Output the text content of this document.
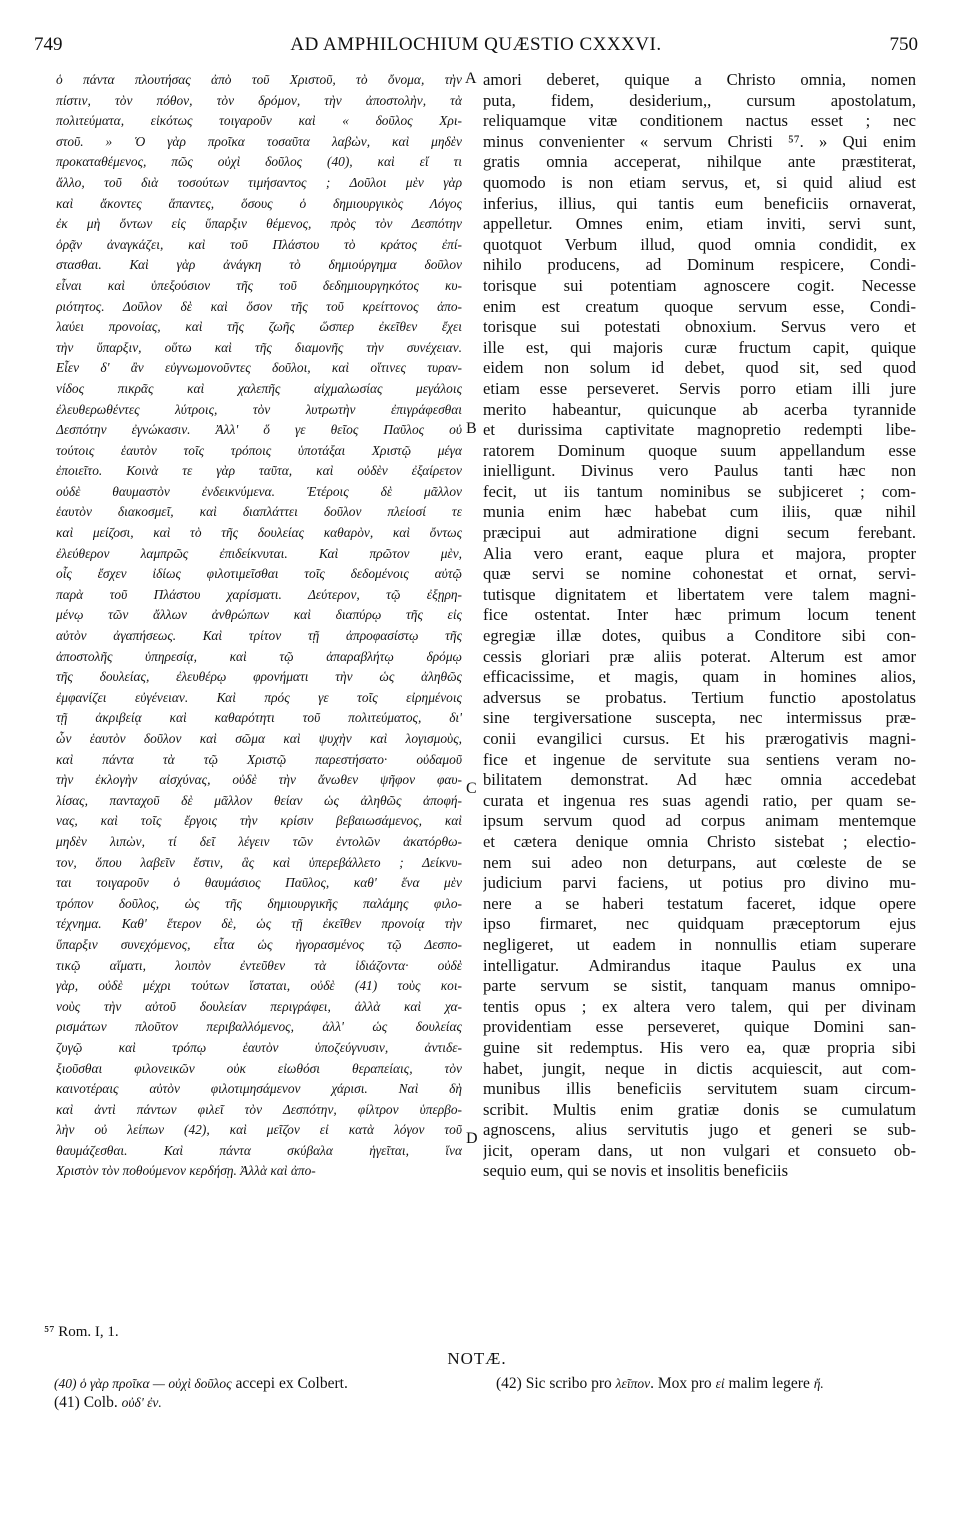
749	AD AMPHILOCHIUM QUÆSTIO CXXXVI.	750
ὁ πάντα πλουτήσας ἀπὸ τοῦ Χριστοῦ, τὸ ὄνομα, τὴν
πίστιν, τὸν πόθον, τὸν δρόμον, τὴν ἀποστολὴν, τὰ
πολιτεύματα, εἰκότως τοιγαροῦν καὶ « δοῦλος Χρι-
στοῦ. » Ὁ γὰρ προῖκα τοσαῦτα λαβὼν, καὶ μηδὲν
προκαταθέμενος, πῶς οὐχὶ δοῦλος (40), καὶ εἴ τι
ἄλλο, τοῦ διὰ τοσούτων τιμήσαντος ; Δοῦλοι μὲν γὰρ
καὶ ἄκοντες ἅπαντες, ὅσους ὁ δημιουργικὸς Λόγος
ἐκ μὴ ὄντων εἰς ὕπαρξιν θέμενος, πρὸς τὸν Δεσπότην
ὁρᾷν ἀναγκάζει, καὶ τοῦ Πλάστου τὸ κράτος ἐπί-
στασθαι. Καὶ γὰρ ἀνάγκη τὸ δημιούργημα δοῦλον
εἶναι καὶ ὑπεξούσιον τῆς τοῦ δεδημιουργηκότος κυ-
ριότητος. Δοῦλον δὲ καὶ ὅσον τῆς τοῦ κρείττονος ἀπο-
λαύει προνοίας, καὶ τῆς ζωῆς ὥσπερ ἐκεῖθεν ἔχει
τὴν ὕπαρξιν, οὕτω καὶ τῆς διαμονῆς τὴν συνέχειαν.
Εἶεν δ' ἂν εὐγνωμονοῦντες δοῦλοι, καὶ οἵτινες τυραν-
νίδος πικρᾶς καὶ χαλεπῆς αἰχμαλωσίας μεγάλοις
ἐλευθερωθέντες λύτροις, τὸν λυτρωτὴν ἐπιγράφεσθαι
Δεσπότην ἐγνώκασιν. Ἀλλ' ὅ γε θεῖος Παῦλος οὐ
τούτοις ἑαυτὸν τοῖς τρόποις ὑποτάξαι Χριστῷ μέγα
ἐποιεῖτο. Κοινὰ τε γὰρ ταῦτα, καὶ οὐδὲν ἐξαίρετον
οὐδὲ θαυμαστὸν ἐνδεικνύμενα. Ἑτέροις δὲ μᾶλλον
ἑαυτὸν διακοσμεῖ, καὶ διαπλάττει δοῦλον πλείοσί τε
καὶ μείζοσι, καὶ τὸ τῆς δουλείας καθαρὸν, καὶ ὄντως
ἐλεύθερον λαμπρῶς ἐπιδείκνυται. Καὶ πρῶτον μὲν,
οἷς ἔσχεν ἰδίως φιλοτιμεῖσθαι τοῖς δεδομένοις αὐτῷ
παρὰ τοῦ Πλάστου χαρίσματι. Δεύτερον, τῷ ἐξῃρη-
μένῳ τῶν ἄλλων ἀνθρώπων καὶ διαπύρῳ τῆς εἰς
αὐτὸν ἀγαπήσεως. Καὶ τρίτον τῇ ἀπροφασίστῳ τῆς
ἀποστολῆς ὑπηρεσίᾳ, καὶ τῷ ἀπαραβλήτῳ δρόμῳ
τῆς δουλείας, ἐλευθέρῳ φρονήματι τὴν ὡς ἀληθῶς
ἐμφανίζει εὐγένειαν. Καὶ πρός γε τοῖς εἰρημένοις
τῇ ἀκριβείᾳ καὶ καθαρότητι τοῦ πολιτεύματος, δι'
ὧν ἑαυτὸν δοῦλον καὶ σῶμα καὶ ψυχὴν καὶ λογισμοὺς,
καὶ πάντα τὰ τῷ Χριστῷ παρεστήσατο· οὐδαμοῦ
τὴν ἐκλογὴν αἰσχύνας, οὐδὲ τὴν ἄνωθεν ψῆφον φαυ-
λίσας, πανταχοῦ δὲ μᾶλλον θείαν ὡς ἀληθῶς ἀποφή-
νας, καὶ τοῖς ἔργοις τὴν κρίσιν βεβαιωσάμενος, καὶ
μηδὲν λιπὼν, τί δεῖ λέγειν τῶν ἐντολῶν ἀκατόρθω-
τον, ὅπου λαβεῖν ἔστιν, ἃς καὶ ὑπερεβάλλετο ; Δείκνυ-
ται τοιγαροῦν ὁ θαυμάσιος Παῦλος, καθ' ἕνα μὲν
τρόπον δοῦλος, ὡς τῆς δημιουργικῆς παλάμης φιλο-
τέχνημα. Καθ' ἕτερον δὲ, ὡς τῇ ἐκεῖθεν προνοίᾳ τὴν
ὕπαρξιν συνεχόμενος, εἶτα ὡς ἠγορασμένος τῷ Δεσπο-
τικῷ αἵματι, λοιπὸν ἐντεῦθεν τὰ ἰδιάζοντα· οὐδὲ
γὰρ, οὐδὲ μέχρι τούτων ἵσταται, οὐδὲ (41) τοὺς κοι-
νοὺς τὴν αὐτοῦ δουλείαν περιγράφει, ἀλλὰ καὶ χα-
ρισμάτων πλοῦτον περιβαλλόμενος, ἀλλ' ὡς δουλείας
ζυγῷ καὶ τρόπῳ ἑαυτὸν ὑποζεύγνυσιν, ἀντιδε-
ξιοῦσθαι φιλονεικῶν οὐκ εἰωθόσι θεραπείαις, τὸν
καινοτέραις αὐτὸν φιλοτιμησάμενον χάρισι. Ναὶ δὴ
καὶ ἀντὶ πάντων φιλεῖ τὸν Δεσπότην, φίλτρον ὑπερβο-
λὴν οὐ λείπων (42), καὶ μεῖζον εἰ κατὰ λόγον τοῦ
θαυμάζεσθαι. Καὶ πάντα σκύβαλα ἡγεῖται, ἵνα
Χριστὸν τὸν ποθούμενον κερδήσῃ. Ἀλλὰ καὶ ἀπο-
amori deberet, quique a Christo omnia, nomen
puta, fidem, desiderium,, cursum apostolatum,
reliquamque vitæ conditionem nactus esset ; nec
minus convenienter « servum Christi ⁵⁷. » Qui enim
gratis omnia acceperat, nihilque ante præstiterat,
quomodo is non etiam servus, et, si quid aliud est
inferius, illius, qui tantis eum beneficiis ornaverat,
appelletur. Omnes enim, etiam inviti, servi sunt,
quotquot Verbum illud, quod omnia condidit, ex
nihilo producens, ad Dominum respicere, Condi-
torisque sui potentiam agnoscere cogit. Necesse
enim est creatum quoque servum esse, Condi-
torisque sui potestati obnoxium. Servus vero et
ille est, qui majoris curæ fructum capit, quique
eidem non solum id debet, quod sit, sed quod
etiam esse perseveret. Servis porro etiam illi jure
merito habeantur, quicunque ab acerba tyrannide
et durissima captivitate magnopretio redempti libe-
ratorem Dominum quoque suum appellandum esse
inielligunt. Divinus vero Paulus tanti hæc non
fecit, ut iis tantum nominibus se subjiceret ; com-
munia enim hæc habebat cum iliis, quæ nihil
præcipui aut admiratione digni secum ferebant.
Alia vero erant, eaque plura et majora, propter
quæ servi se nomine cohonestat et ornat, servi-
tutisque dignitatem et libertatem vere talem magni-
fice ostentat. Inter hæc primum locum tenent
egregiæ illæ dotes, quibus a Conditore sibi con-
cessis gloriari præ aliis poterat. Alterum est amor
efficacissime, et magis, quam in homines alios,
adversus se probatus. Tertium functio apostolatus
sine tergiversatione suscepta, nec intermissus præ-
conii evangilici cursus. Et his prærogativis magni-
fice et ingenue de servitute sua sentiens veram no-
bilitatem demonstrat. Ad hæc omnia accedebat
curata et ingenua res suas agendi ratio, per quam se-
ipsum servum quod ad corpus animam mentemque
et cætera denique omnia Christo sistebat ; electio-
nem sui adeo non deturpans, aut cœleste de se
judicium parvi faciens, ut potius pro divino mu-
nere a se haberi testatum faceret, idque opere
ipso firmaret, nec quidquam præceptorum ejus
negligeret, ut eadem in nonnullis etiam superare
intelligatur. Admirandus itaque Paulus ex una
parte servum se sistit, tanquam manus omnipo-
tentis opus ; ex altera vero talem, qui per divinam
providentiam esse perseveret, quique Domini san-
guine sit redemptus. His vero ea, quæ propria sibi
habet, jungit, neque in dictis acquiescit, aut com-
munibus illis beneficiis servitutem suam circum-
scribit. Multis enim gratiæ donis se cumulatum
agnoscens, alius servitutis jugo et generi se sub-
jicit, operam dans, ut non vulgari et consueto ob-
sequio eum, qui se novis et insolitis beneficiis
A
B
C
D
⁵⁷ Rom. I, 1.
NOTÆ.

(40) ὁ γὰρ προῖκα — οὐχὶ δοῦλος accepi ex Colbert.

(41) Colb. οὐδ' ἐν.

(42) Sic scribo pro λεῖπον. Mox pro εἰ malim legere ἤ.
